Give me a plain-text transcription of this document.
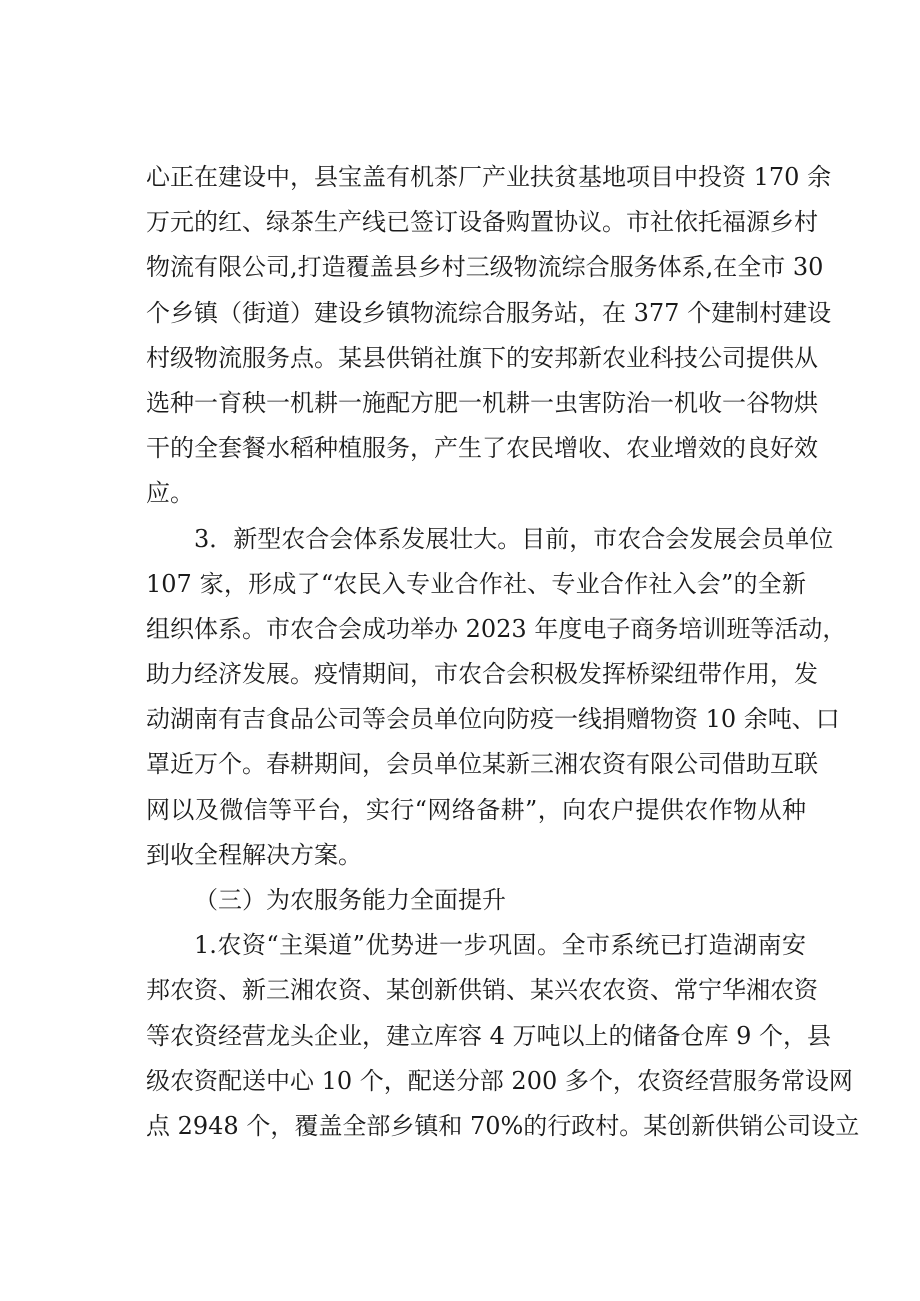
心正在建设中，县宝盖有机茶厂产业扶贫基地项目中投资 170 余
万元的红、绿茶生产线已签订设备购置协议。市社依托福源乡村
物流有限公司,打造覆盖县乡村三级物流综合服务体系,在全市 30
个乡镇（街道）建设乡镇物流综合服务站，在 377 个建制村建设
村级物流服务点。某县供销社旗下的安邦新农业科技公司提供从
选种一育秧一机耕一施配方肥一机耕一虫害防治一机收一谷物烘
干的全套餐水稻种植服务，产生了农民增收、农业增效的良好效
应。
3．新型农合会体系发展壮大。目前，市农合会发展会员单位
107 家，形成了“农民入专业合作社、专业合作社入会”的全新
组织体系。市农合会成功举办 2023 年度电子商务培训班等活动，
助力经济发展。疫情期间，市农合会积极发挥桥梁纽带作用，发
动湖南有吉食品公司等会员单位向防疫一线捐赠物资 10 余吨、口
罩近万个。春耕期间，会员单位某新三湘农资有限公司借助互联
网以及微信等平台，实行“网络备耕”，向农户提供农作物从种
到收全程解决方案。
（三）为农服务能力全面提升
1.农资“主渠道”优势进一步巩固。全市系统已打造湖南安
邦农资、新三湘农资、某创新供销、某兴农农资、常宁华湘农资
等农资经营龙头企业，建立库容 4 万吨以上的储备仓库 9 个，县
级农资配送中心 10 个，配送分部 200 多个，农资经营服务常设网
点 2948 个，覆盖全部乡镇和 70%的行政村。某创新供销公司设立
